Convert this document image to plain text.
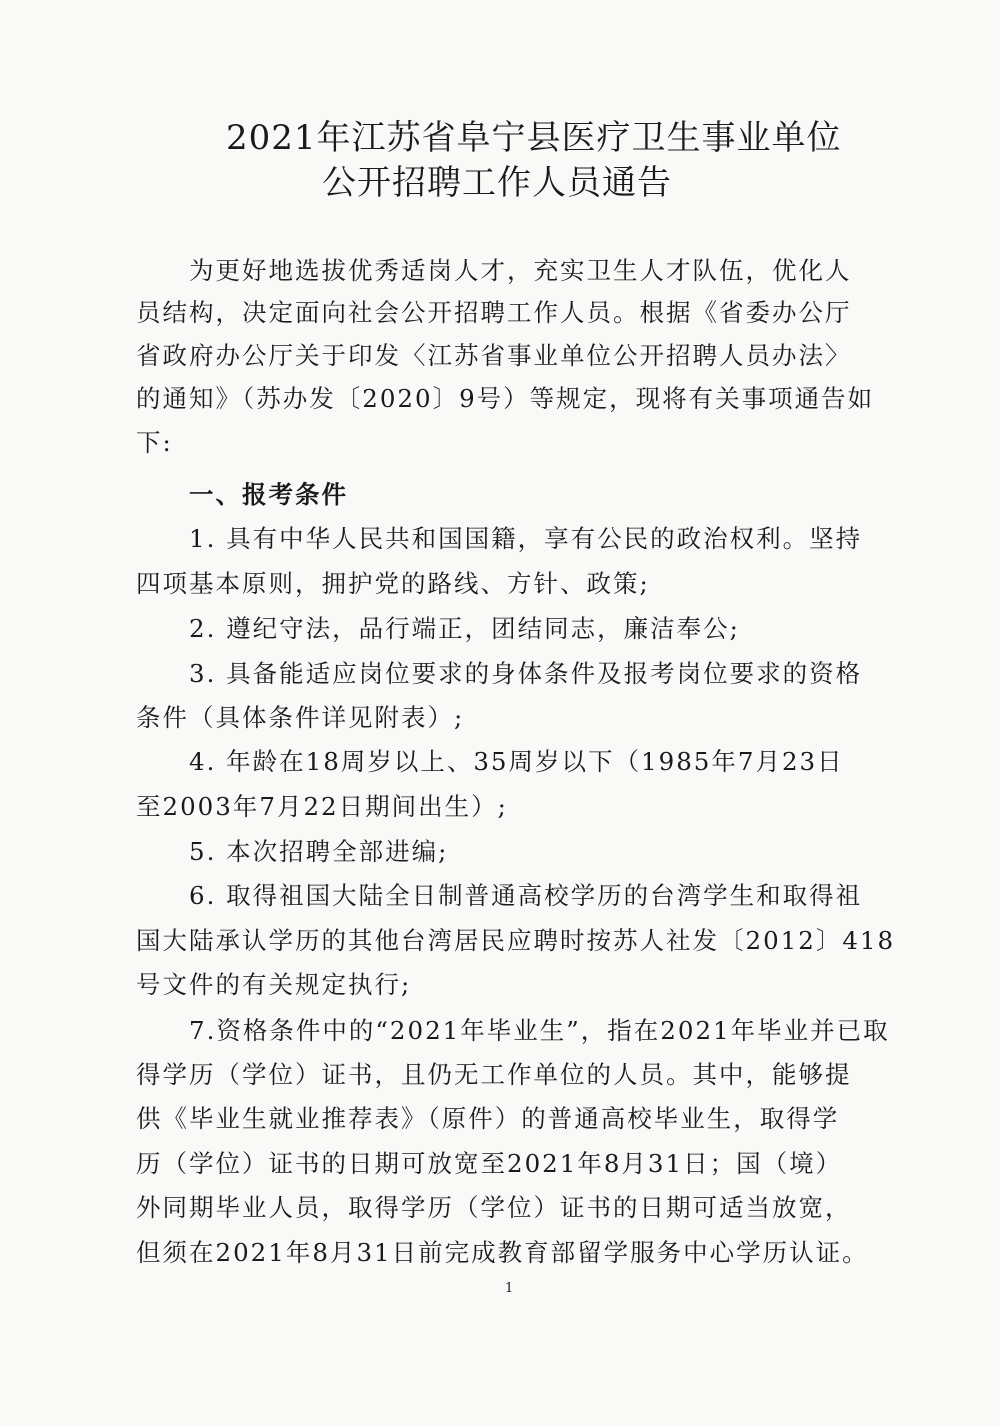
2021年江苏省阜宁县医疗卫生事业单位
公开招聘工作人员通告
　　为更好地选拔优秀适岗人才，充实卫生人才队伍，优化人
员结构，决定面向社会公开招聘工作人员。根据《省委办公厅
省政府办公厅关于印发〈江苏省事业单位公开招聘人员办法〉
的通知》（苏办发〔2020〕9号）等规定，现将有关事项通告如
下:
　　一、报考条件
　　1. 具有中华人民共和国国籍，享有公民的政治权利。坚持
四项基本原则，拥护党的路线、方针、政策;
　　2. 遵纪守法，品行端正，团结同志，廉洁奉公;
　　3. 具备能适应岗位要求的身体条件及报考岗位要求的资格
条件（具体条件详见附表）;
　　4. 年龄在18周岁以上、35周岁以下（1985年7月23日
至2003年7月22日期间出生）;
　　5. 本次招聘全部进编;
　　6. 取得祖国大陆全日制普通高校学历的台湾学生和取得祖
国大陆承认学历的其他台湾居民应聘时按苏人社发〔2012〕418
号文件的有关规定执行;
　　7.资格条件中的“2021年毕业生”，指在2021年毕业并已取
得学历（学位）证书，且仍无工作单位的人员。其中，能够提
供《毕业生就业推荐表》（原件）的普通高校毕业生，取得学
历（学位）证书的日期可放宽至2021年8月31日；国（境）
外同期毕业人员，取得学历（学位）证书的日期可适当放宽，
但须在2021年8月31日前完成教育部留学服务中心学历认证。
1
